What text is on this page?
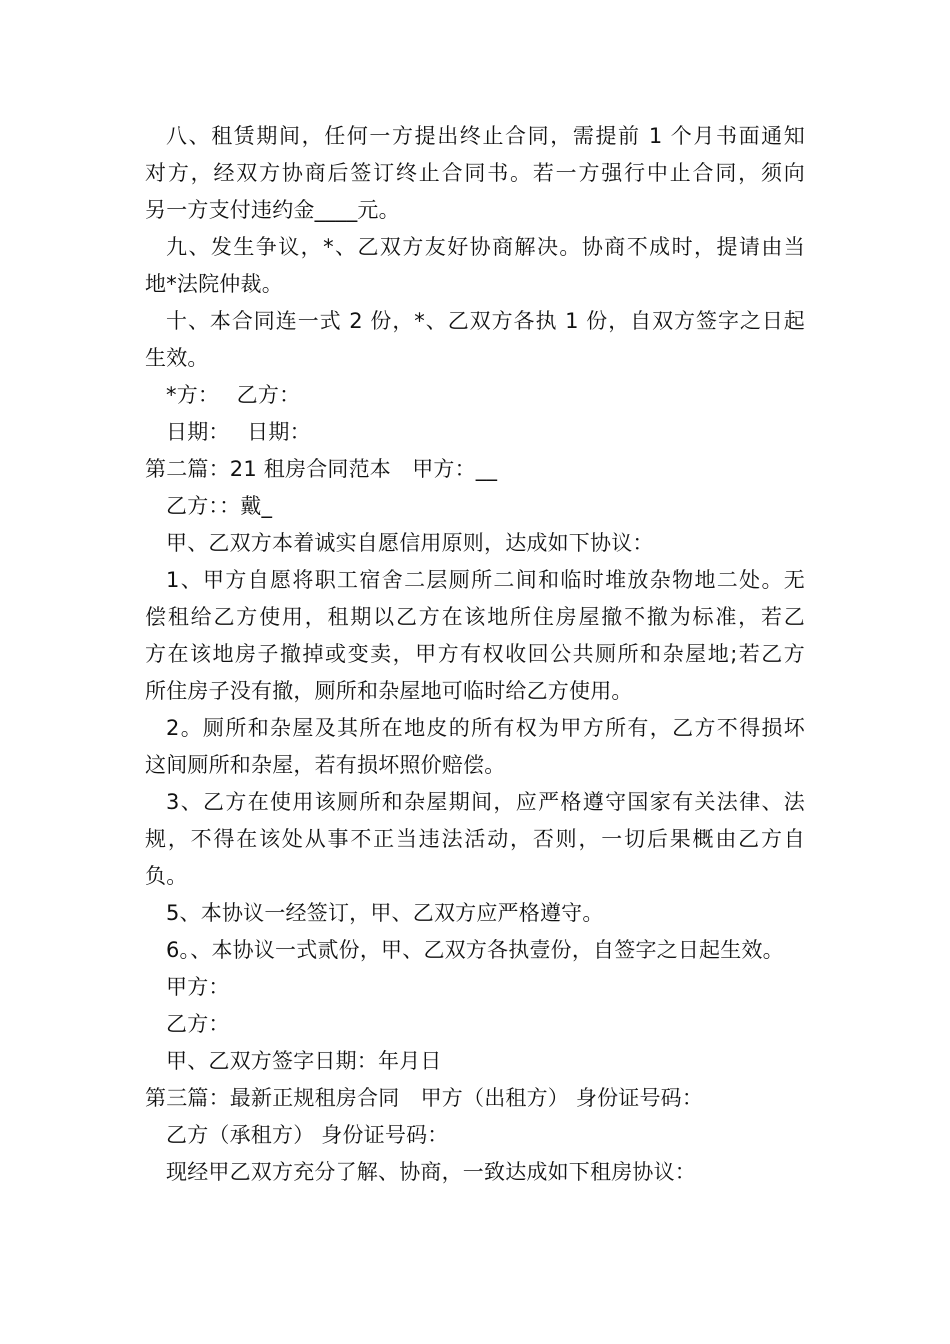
八、租赁期间，任何一方提出终止合同，需提前 1 个月书面通知
对方，经双方协商后签订终止合同书。若一方强行中止合同，须向
另一方支付违约金____元。
九、发生争议，*、乙双方友好协商解决。协商不成时，提请由当
地*法院仲裁。
十、本合同连一式 2 份，*、乙双方各执 1 份，自双方签字之日起
生效。
*方：　 乙方：
日期：　 日期：
第二篇：21 租房合同范本　甲方：__
乙方：：戴_
甲、乙双方本着诚实自愿信用原则，达成如下协议：
1、甲方自愿将职工宿舍二层厕所二间和临时堆放杂物地二处。无
偿租给乙方使用，租期以乙方在该地所住房屋撤不撤为标准，若乙
方在该地房子撤掉或变卖，甲方有权收回公共厕所和杂屋地;若乙方
所住房子没有撤，厕所和杂屋地可临时给乙方使用。
2。厕所和杂屋及其所在地皮的所有权为甲方所有，乙方不得损坏
这间厕所和杂屋，若有损坏照价赔偿。
3、乙方在使用该厕所和杂屋期间，应严格遵守国家有关法律、法
规，不得在该处从事不正当违法活动，否则，一切后果概由乙方自
负。
5、本协议一经签订，甲、乙双方应严格遵守。
6。、本协议一式贰份，甲、乙双方各执壹份，自签字之日起生效。
甲方：
乙方：
甲、乙双方签字日期：年月日
第三篇：最新正规租房合同　甲方（出租方） 身份证号码：
乙方（承租方） 身份证号码：
现经甲乙双方充分了解、协商，一致达成如下租房协议：
